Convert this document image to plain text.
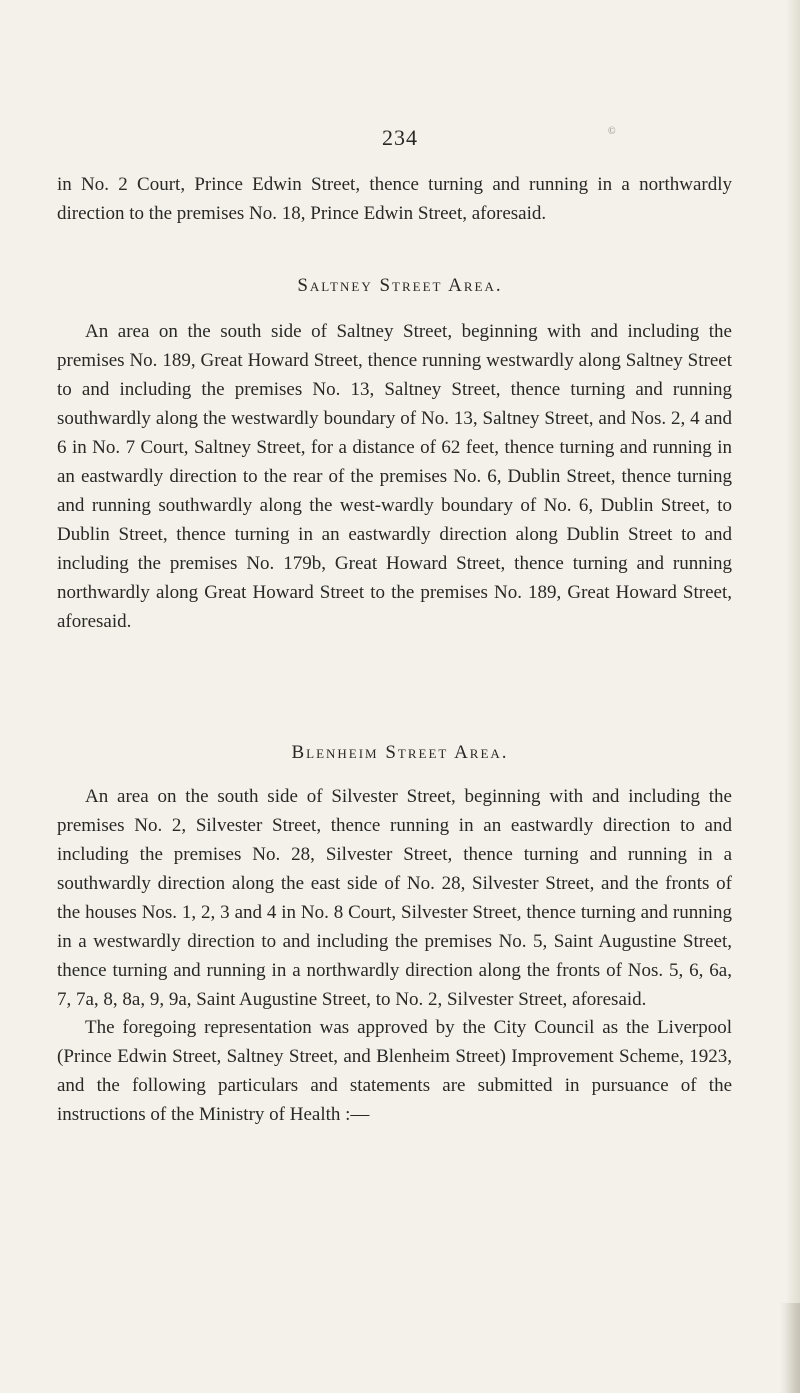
234	©
in No. 2 Court, Prince Edwin Street, thence turning and running in a northwardly direction to the premises No. 18, Prince Edwin Street, aforesaid.
Saltney Street Area.
An area on the south side of Saltney Street, beginning with and including the premises No. 189, Great Howard Street, thence running westwardly along Saltney Street to and including the premises No. 13, Saltney Street, thence turning and running southwardly along the westwardly boundary of No. 13, Saltney Street, and Nos. 2, 4 and 6 in No. 7 Court, Saltney Street, for a distance of 62 feet, thence turning and running in an eastwardly direction to the rear of the premises No. 6, Dublin Street, thence turning and running southwardly along the west-wardly boundary of No. 6, Dublin Street, to Dublin Street, thence turning in an eastwardly direction along Dublin Street to and including the premises No. 179b, Great Howard Street, thence turning and running northwardly along Great Howard Street to the premises No. 189, Great Howard Street, aforesaid.
Blenheim Street Area.
An area on the south side of Silvester Street, beginning with and including the premises No. 2, Silvester Street, thence running in an eastwardly direction to and including the premises No. 28, Silvester Street, thence turning and running in a southwardly direction along the east side of No. 28, Silvester Street, and the fronts of the houses Nos. 1, 2, 3 and 4 in No. 8 Court, Silvester Street, thence turning and running in a westwardly direction to and including the premises No. 5, Saint Augustine Street, thence turning and running in a northwardly direction along the fronts of Nos. 5, 6, 6a, 7, 7a, 8, 8a, 9, 9a, Saint Augustine Street, to No. 2, Silvester Street, aforesaid.
The foregoing representation was approved by the City Council as the Liverpool (Prince Edwin Street, Saltney Street, and Blenheim Street) Improvement Scheme, 1923, and the following particulars and statements are submitted in pursuance of the instructions of the Ministry of Health :—
